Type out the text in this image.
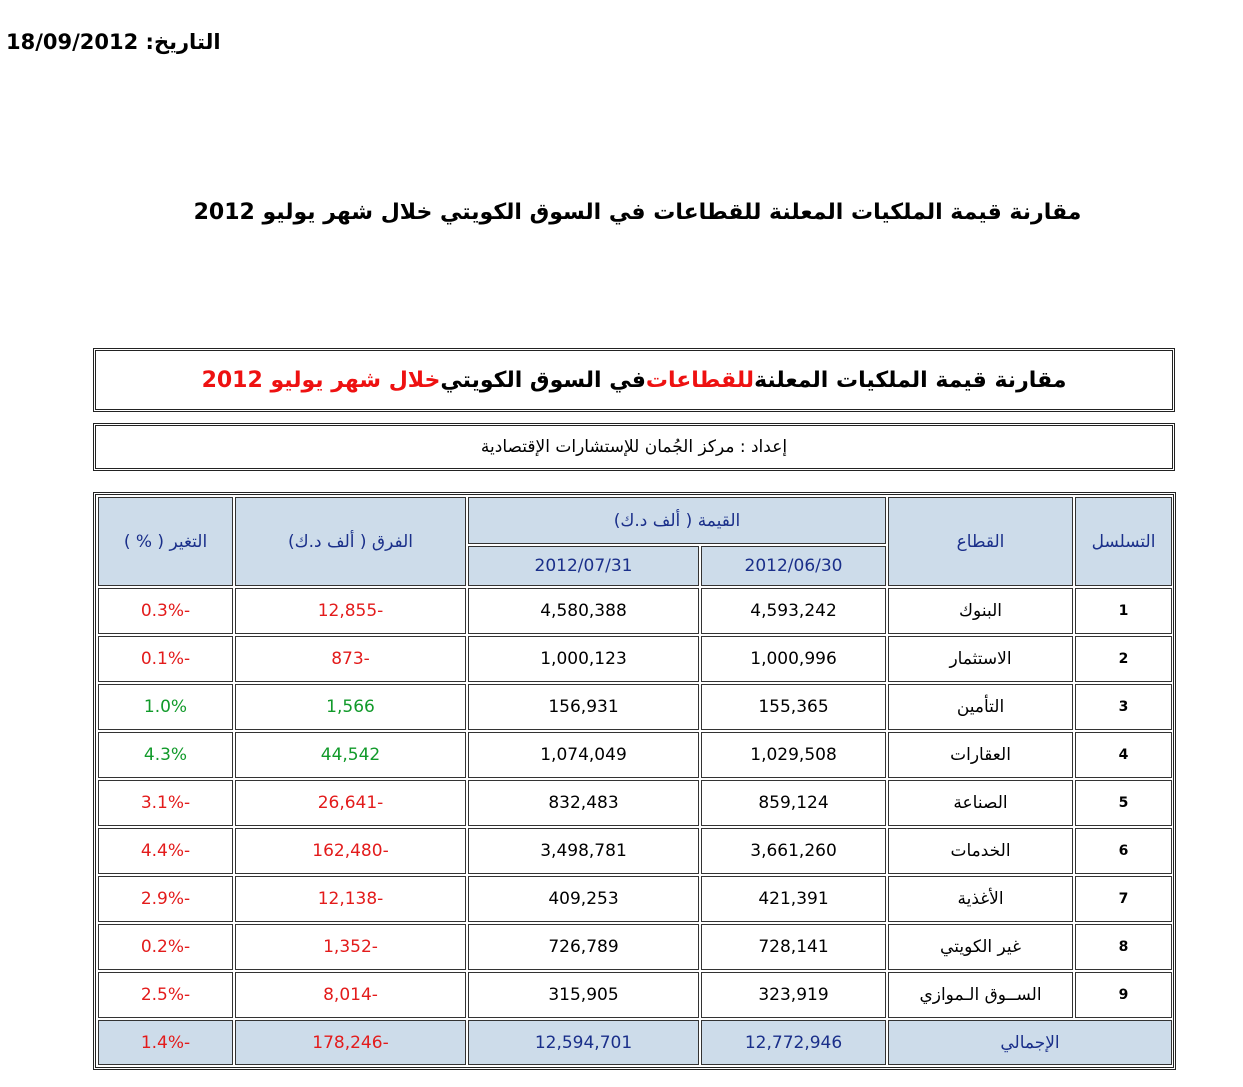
التاريخ: 18/09/2012
مقارنة قيمة الملكيات المعلنة للقطاعات في السوق الكويتي خلال شهر يوليو 2012
مقارنة قيمة الملكيات المعلنة
للقطاعات
في السوق الكويتي
خلال شهر يوليو 2012
إعداد : مركز الجُمان للإستشارات الإقتصادية
التسلسل	القطاع	القيمة ( ألف د.ك)		الفرق ( ألف د.ك)	التغير ( % )
		2012/06/30	2012/07/31		
1	البنوك	4,593,242	4,580,388	-12,855	-0.3%
2	الاستثمار	1,000,996	1,000,123	-873	-0.1%
3	التأمين	155,365	156,931	1,566	1.0%
4	العقارات	1,029,508	1,074,049	44,542	4.3%
5	الصناعة	859,124	832,483	-26,641	-3.1%
6	الخدمات	3,661,260	3,498,781	-162,480	-4.4%
7	الأغذية	421,391	409,253	-12,138	-2.9%
8	غير الكويتي	728,141	726,789	-1,352	-0.2%
9	الســوق الـموازي	323,919	315,905	-8,014	-2.5%
الإجمالي		12,772,946	12,594,701	-178,246	-1.4%
